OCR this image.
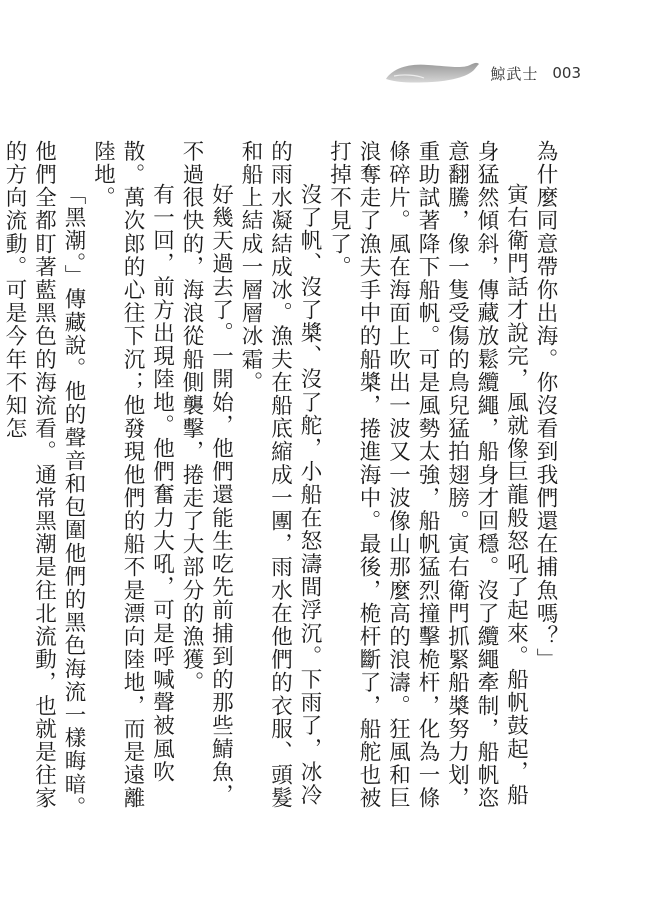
鯨武士 003

為什麼同意帶你出海。你沒看到我們還在捕魚嗎？」

寅右衛門話才說完，風就像巨龍般怒吼了起來。船帆鼓起，船身猛然傾斜，傳藏放鬆纜繩，船身才回穩。沒了纜繩牽制，船帆恣意翻騰，像一隻受傷的鳥兒猛拍翅膀。寅右衛門抓緊船槳努力划，重助試著降下船帆。可是風勢太強，船帆猛烈撞擊桅杆，化為一條條碎片。風在海面上吹出一波又一波像山那麼高的浪濤。狂風和巨浪奪走了漁夫手中的船槳，捲進海中。最後，桅杆斷了，船舵也被打掉不見了。

沒了帆、沒了槳、沒了舵，小船在怒濤間浮沉。下雨了，冰冷的雨水凝結成冰。漁夫在船底縮成一團，雨水在他們的衣服、頭髮和船上結成一層層冰霜。

好幾天過去了。一開始，他們還能生吃先前捕到的那些鯖魚，不過很快的，海浪從船側襲擊，捲走了大部分的漁獲。

有一回，前方出現陸地。他們奮力大吼，可是呼喊聲被風吹散。萬次郎的心往下沉；他發現他們的船不是漂向陸地，而是遠離陸地。

「黑潮。」傳藏說。他的聲音和包圍他們的黑色海流一樣晦暗。他們全都盯著藍黑色的海流看。通常黑潮是往北流動，也就是往家的方向流動。可是今年不知怎
